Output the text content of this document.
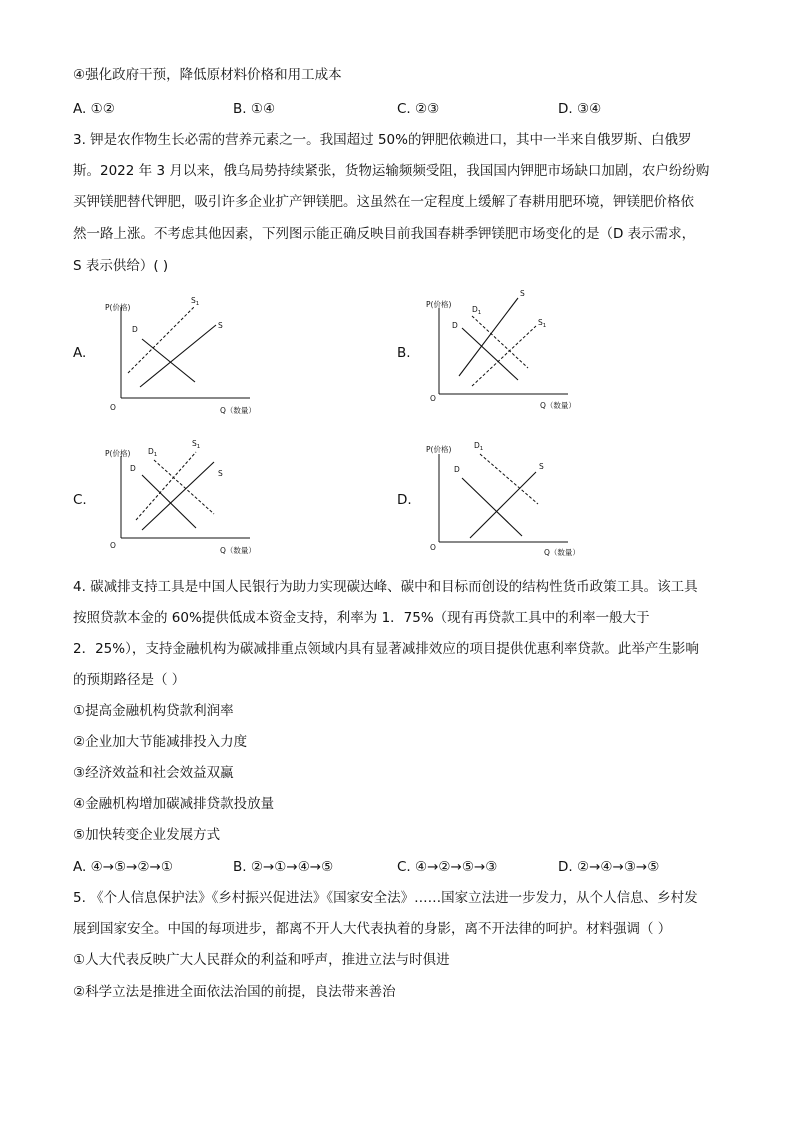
④强化政府干预，降低原材料价格和用工成本
A. ①②	B. ①④	C. ②③	D. ③④
3. 钾是农作物生长必需的营养元素之一。我国超过 50%的钾肥依赖进口，其中一半来自俄罗斯、白俄罗
斯。2022 年 3 月以来，俄乌局势持续紧张，货物运输频频受阻，我国国内钾肥市场缺口加剧，农户纷纷购
买钾镁肥替代钾肥，吸引许多企业扩产钾镁肥。这虽然在一定程度上缓解了春耕用肥环境，钾镁肥价格依
然一路上涨。不考虑其他因素，下列图示能正确反映目前我国春耕季钾镁肥市场变化的是（D 表示需求，
S 表示供给）( )
A.
P(价格)
Q（数量）
O
S
D
$S_1$
B.
P(价格)
Q（数量）
O
S
D
$D_1$
$S_1$
C.
P(价格)
Q（数量）
O
S
D
$D_1$
$S_1$
D.
P(价格)
Q（数量）
O
S
D
$D_1$
4. 碳减排支持工具是中国人民银行为助力实现碳达峰、碳中和目标而创设的结构性货币政策工具。该工具
按照贷款本金的 60%提供低成本资金支持，利率为 1．75%（现有再贷款工具中的利率一般大于
2．25%），支持金融机构为碳减排重点领域内具有显著减排效应的项目提供优惠利率贷款。此举产生影响
的预期路径是（ ）
①提高金融机构贷款利润率
②企业加大节能减排投入力度
③经济效益和社会效益双赢
④金融机构增加碳减排贷款投放量
⑤加快转变企业发展方式
A. ④→⑤→②→①	B. ②→①→④→⑤	C. ④→②→⑤→③	D. ②→④→③→⑤
5. 《个人信息保护法》《乡村振兴促进法》《国家安全法》……国家立法进一步发力，从个人信息、乡村发
展到国家安全。中国的每项进步，都离不开人大代表执着的身影，离不开法律的呵护。材料强调（ ）
①人大代表反映广大人民群众的利益和呼声，推进立法与时俱进
②科学立法是推进全面依法治国的前提，良法带来善治
